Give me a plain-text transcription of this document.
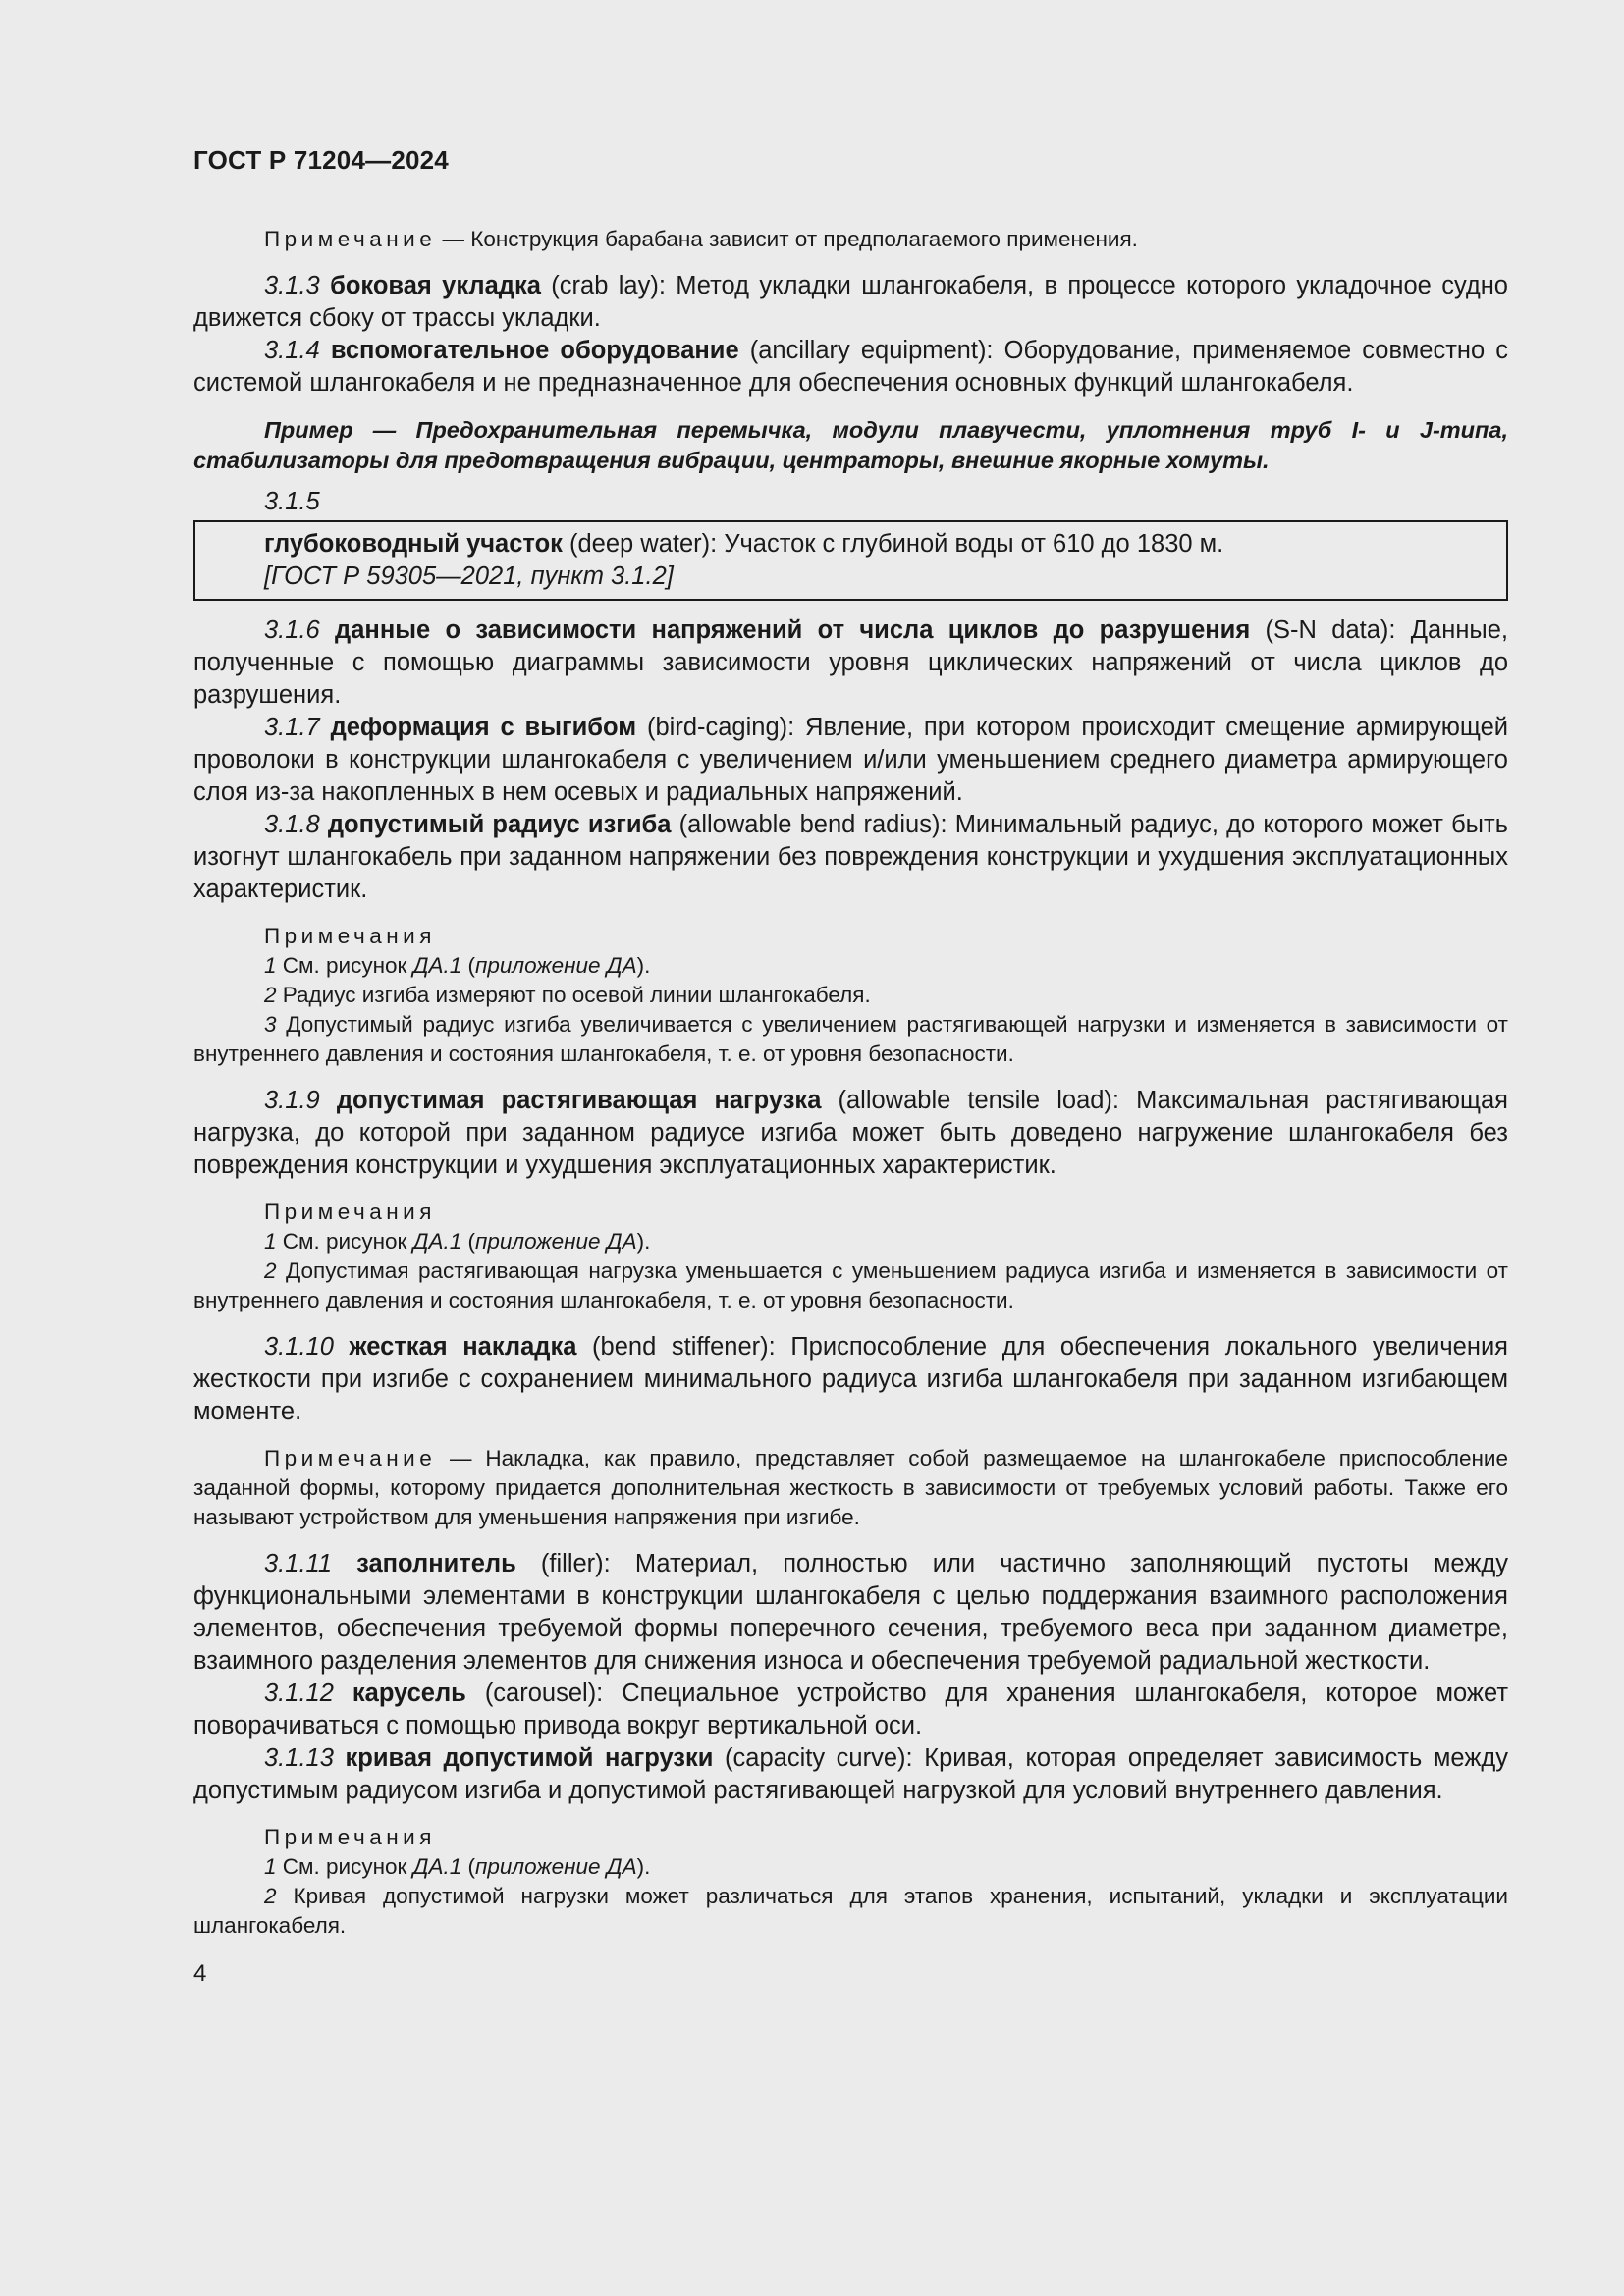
ГОСТ Р 71204—2024

Примечание — Конструкция барабана зависит от предполагаемого применения.

3.1.3 боковая укладка (crab lay): Метод укладки шлангокабеля, в процессе которого укладочное судно движется сбоку от трассы укладки.

3.1.4 вспомогательное оборудование (ancillary equipment): Оборудование, применяемое совместно с системой шлангокабеля и не предназначенное для обеспечения основных функций шлангокабеля.

Пример — Предохранительная перемычка, модули плавучести, уплотнения труб I- и J-типа, стабилизаторы для предотвращения вибрации, центраторы, внешние якорные хомуты.

3.1.5

глубоководный участок (deep water): Участок с глубиной воды от 610 до 1830 м.
[ГОСТ Р 59305—2021, пункт 3.1.2]

3.1.6 данные о зависимости напряжений от числа циклов до разрушения (S-N data): Данные, полученные с помощью диаграммы зависимости уровня циклических напряжений от числа циклов до разрушения.

3.1.7 деформация с выгибом (bird-caging): Явление, при котором происходит смещение армирующей проволоки в конструкции шлангокабеля с увеличением и/или уменьшением среднего диаметра армирующего слоя из-за накопленных в нем осевых и радиальных напряжений.

3.1.8 допустимый радиус изгиба (allowable bend radius): Минимальный радиус, до которого может быть изогнут шлангокабель при заданном напряжении без повреждения конструкции и ухудшения эксплуатационных характеристик.

Примечания

1 См. рисунок ДА.1 (приложение ДА).

2 Радиус изгиба измеряют по осевой линии шлангокабеля.

3 Допустимый радиус изгиба увеличивается с увеличением растягивающей нагрузки и изменяется в зависимости от внутреннего давления и состояния шлангокабеля, т. е. от уровня безопасности.

3.1.9 допустимая растягивающая нагрузка (allowable tensile load): Максимальная растягивающая нагрузка, до которой при заданном радиусе изгиба может быть доведено нагружение шлангокабеля без повреждения конструкции и ухудшения эксплуатационных характеристик.

Примечания

1 См. рисунок ДА.1 (приложение ДА).

2 Допустимая растягивающая нагрузка уменьшается с уменьшением радиуса изгиба и изменяется в зависимости от внутреннего давления и состояния шлангокабеля, т. е. от уровня безопасности.

3.1.10 жесткая накладка (bend stiffener): Приспособление для обеспечения локального увеличения жесткости при изгибе с сохранением минимального радиуса изгиба шлангокабеля при заданном изгибающем моменте.

Примечание — Накладка, как правило, представляет собой размещаемое на шлангокабеле приспособление заданной формы, которому придается дополнительная жесткость в зависимости от требуемых условий работы. Также его называют устройством для уменьшения напряжения при изгибе.

3.1.11 заполнитель (filler): Материал, полностью или частично заполняющий пустоты между функциональными элементами в конструкции шлангокабеля с целью поддержания взаимного расположения элементов, обеспечения требуемой формы поперечного сечения, требуемого веса при заданном диаметре, взаимного разделения элементов для снижения износа и обеспечения требуемой радиальной жесткости.

3.1.12 карусель (carousel): Специальное устройство для хранения шлангокабеля, которое может поворачиваться с помощью привода вокруг вертикальной оси.

3.1.13 кривая допустимой нагрузки (capacity curve): Кривая, которая определяет зависимость между допустимым радиусом изгиба и допустимой растягивающей нагрузкой для условий внутреннего давления.

Примечания

1 См. рисунок ДА.1 (приложение ДА).

2 Кривая допустимой нагрузки может различаться для этапов хранения, испытаний, укладки и эксплуатации шлангокабеля.

4
